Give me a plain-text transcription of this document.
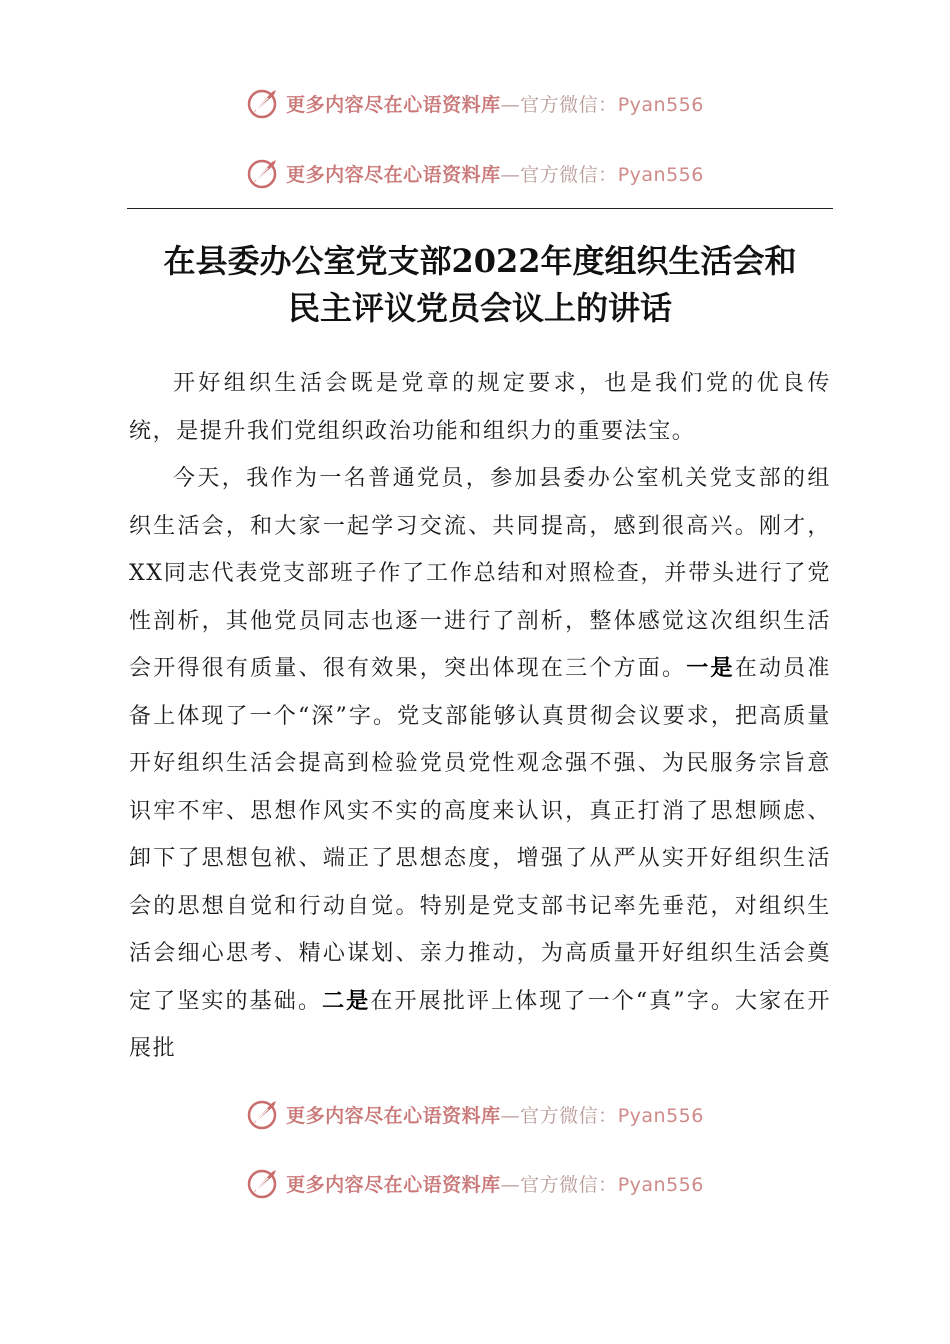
更多内容尽在心语资料库—官方微信：Pyan556
更多内容尽在心语资料库—官方微信：Pyan556
在县委办公室党支部2022年度组织生活会和
民主评议党员会议上的讲话

开好组织生活会既是党章的规定要求，也是我们党的优良传统，是提升我们党组织政治功能和组织力的重要法宝。

今天，我作为一名普通党员，参加县委办公室机关党支部的组织生活会，和大家一起学习交流、共同提高，感到很高兴。刚才，XX同志代表党支部班子作了工作总结和对照检查，并带头进行了党性剖析，其他党员同志也逐一进行了剖析，整体感觉这次组织生活会开得很有质量、很有效果，突出体现在三个方面。一是在动员准备上体现了一个“深”字。党支部能够认真贯彻会议要求，把高质量开好组织生活会提高到检验党员党性观念强不强、为民服务宗旨意识牢不牢、思想作风实不实的高度来认识，真正打消了思想顾虑、卸下了思想包袱、端正了思想态度，增强了从严从实开好组织生活会的思想自觉和行动自觉。特别是党支部书记率先垂范，对组织生活会细心思考、精心谋划、亲力推动，为高质量开好组织生活会奠定了坚实的基础。二是在开展批评上体现了一个“真”字。大家在开展批

更多内容尽在心语资料库—官方微信：Pyan556
更多内容尽在心语资料库—官方微信：Pyan556
